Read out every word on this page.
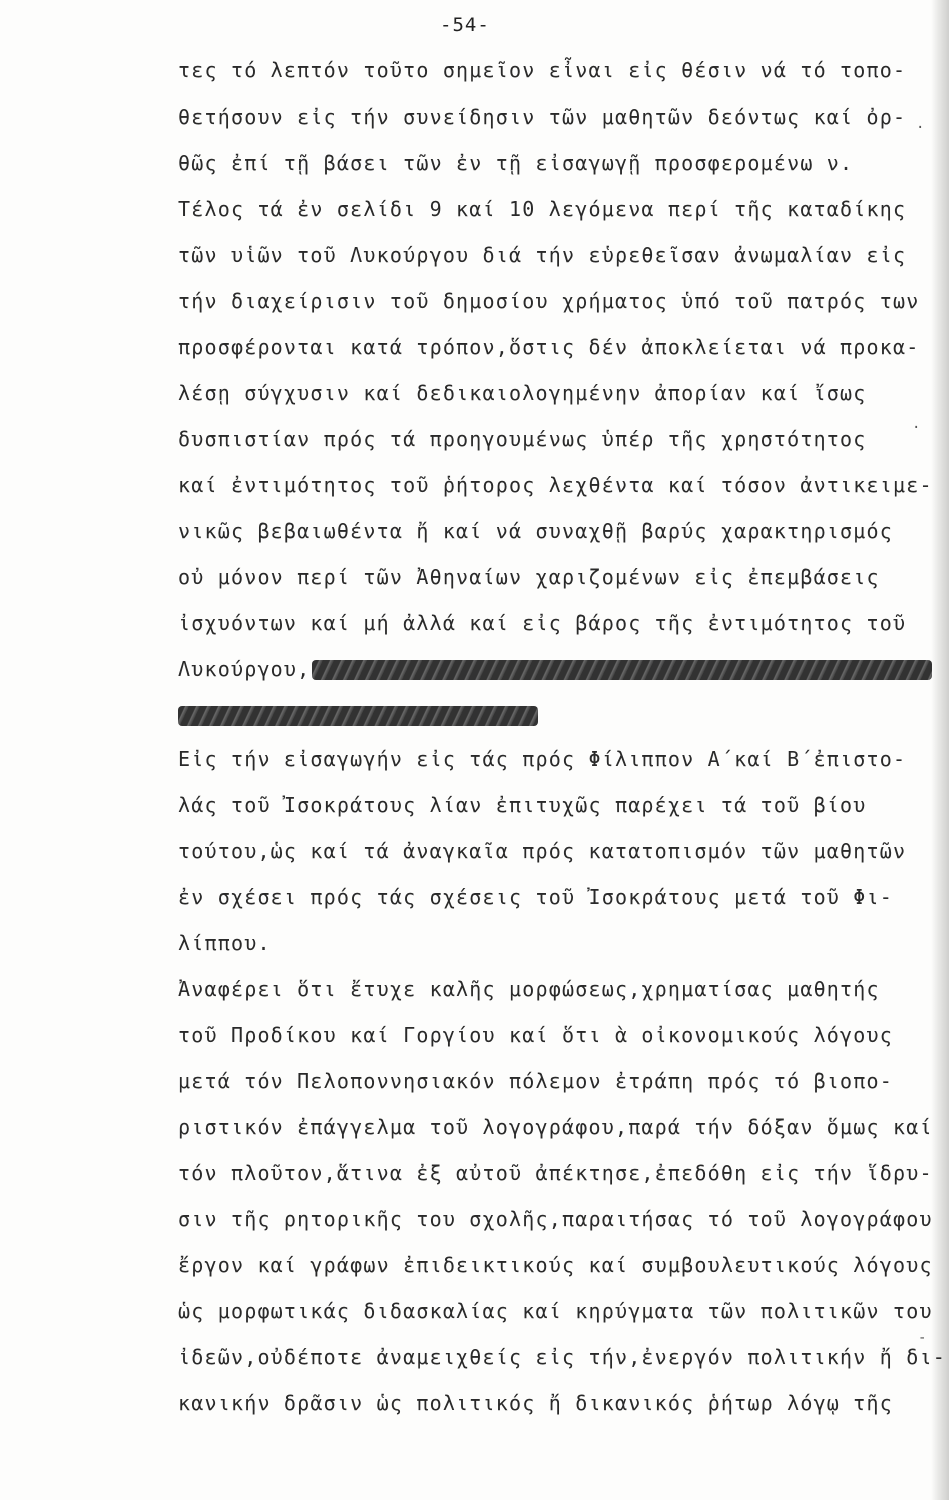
-54-
τες τό λεπτόν τοῦτο σημεῖον εἶναι εἰς θέσιν νά τό τοπο-
θετήσουν εἰς τήν συνείδησιν τῶν μαθητῶν δεόντως καί ὀρ-
θῶς ἐπί τῇ βάσει τῶν ἐν τῇ εἰσαγωγῇ προσφερομένω ν.
Τέλος τά ἐν σελίδι 9 καί 10 λεγόμενα περί τῆς καταδίκης
τῶν υἱῶν τοῦ Λυκούργου διά τήν εὑρεθεῖσαν ἀνωμαλίαν εἰς
τήν διαχείρισιν τοῦ δημοσίου χρήματος ὑπό τοῦ πατρός των
προσφέρονται κατά τρόπον,ὅστις δέν ἀποκλείεται νά προκα-
λέσῃ σύγχυσιν καί δεδικαιολογημένην ἀπορίαν καί ἴσως
δυσπιστίαν πρός τά προηγουμένως ὑπέρ τῆς χρηστότητος
καί ἐντιμότητος τοῦ ῥήτορος λεχθέντα καί τόσον ἀντικειμε-
νικῶς βεβαιωθέντα ἤ καί νά συναχθῇ βαρύς χαρακτηρισμός
οὐ μόνον περί τῶν Ἀθηναίων χαριζομένων εἰς ἐπεμβάσεις
ἰσχυόντων καί μή ἀλλά καί εἰς βάρος τῆς ἐντιμότητος τοῦ
Λυκούργου,
Εἰς τήν εἰσαγωγήν εἰς τάς πρός Φίλιππον Α΄καί Β΄ἐπιστο-
λάς τοῦ Ἰσοκράτους λίαν ἐπιτυχῶς παρέχει τά τοῦ βίου
τούτου,ὡς καί τά ἀναγκαῖα πρός κατατοπισμόν τῶν μαθητῶν
ἐν σχέσει πρός τάς σχέσεις τοῦ Ἰσοκράτους μετά τοῦ Φι-
λίππου.
Ἀναφέρει ὅτι ἔτυχε καλῆς μορφώσεως,χρηματίσας μαθητής
τοῦ Προδίκου καί Γοργίου καί ὅτι ὰ οἰκονομικούς λόγους
μετά τόν Πελοποννησιακόν πόλεμον ἐτράπη πρός τό βιοπο-
ριστικόν ἐπάγγελμα τοῦ λογογράφου,παρά τήν δόξαν ὅμως καί
τόν πλοῦτον,ἅτινα ἐξ αὐτοῦ ἀπέκτησε,ἐπεδόθη εἰς τήν ἵδρυ-
σιν τῆς ρητορικῆς του σχολῆς,παραιτήσας τό τοῦ λογογράφου
ἔργον καί γράφων ἐπιδεικτικούς καί συμβουλευτικούς λόγους
ὡς μορφωτικάς διδασκαλίας καί κηρύγματα τῶν πολιτικῶν του
ἰδεῶν,οὐδέποτε ἀναμειχθείς εἰς τήν,ἐνεργόν πολιτικήν ἤ δι-
κανικήν δρᾶσιν ὡς πολιτικός ἤ δικανικός ῥήτωρ λόγῳ τῆς
·
·
-
